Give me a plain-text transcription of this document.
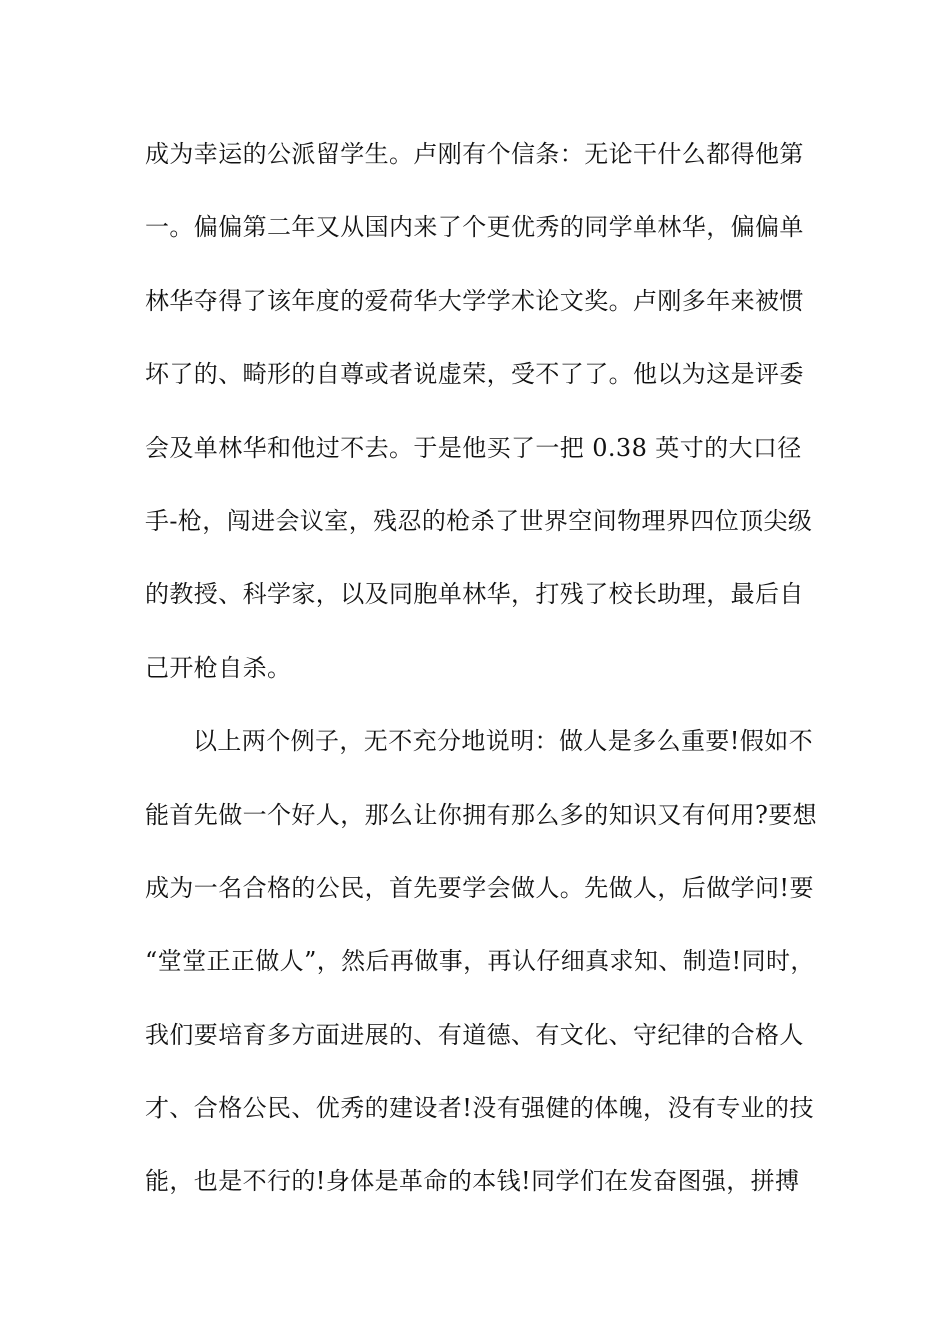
成为幸运的公派留学生。卢刚有个信条：无论干什么都得他第
一。偏偏第二年又从国内来了个更优秀的同学单林华，偏偏单
林华夺得了该年度的爱荷华大学学术论文奖。卢刚多年来被惯
坏了的、畸形的自尊或者说虚荣，受不了了。他以为这是评委
会及单林华和他过不去。于是他买了一把 0.38 英寸的大口径
手-枪，闯进会议室，残忍的枪杀了世界空间物理界四位顶尖级
的教授、科学家，以及同胞单林华，打残了校长助理，最后自
己开枪自杀。
以上两个例子，无不充分地说明：做人是多么重要!假如不
能首先做一个好人，那么让你拥有那么多的知识又有何用?要想
成为一名合格的公民，首先要学会做人。先做人，后做学问!要
“堂堂正正做人”，然后再做事，再认仔细真求知、制造!同时，
我们要培育多方面进展的、有道德、有文化、守纪律的合格人
才、合格公民、优秀的建设者!没有强健的体魄，没有专业的技
能，也是不行的!身体是革命的本钱!同学们在发奋图强，拼搏
